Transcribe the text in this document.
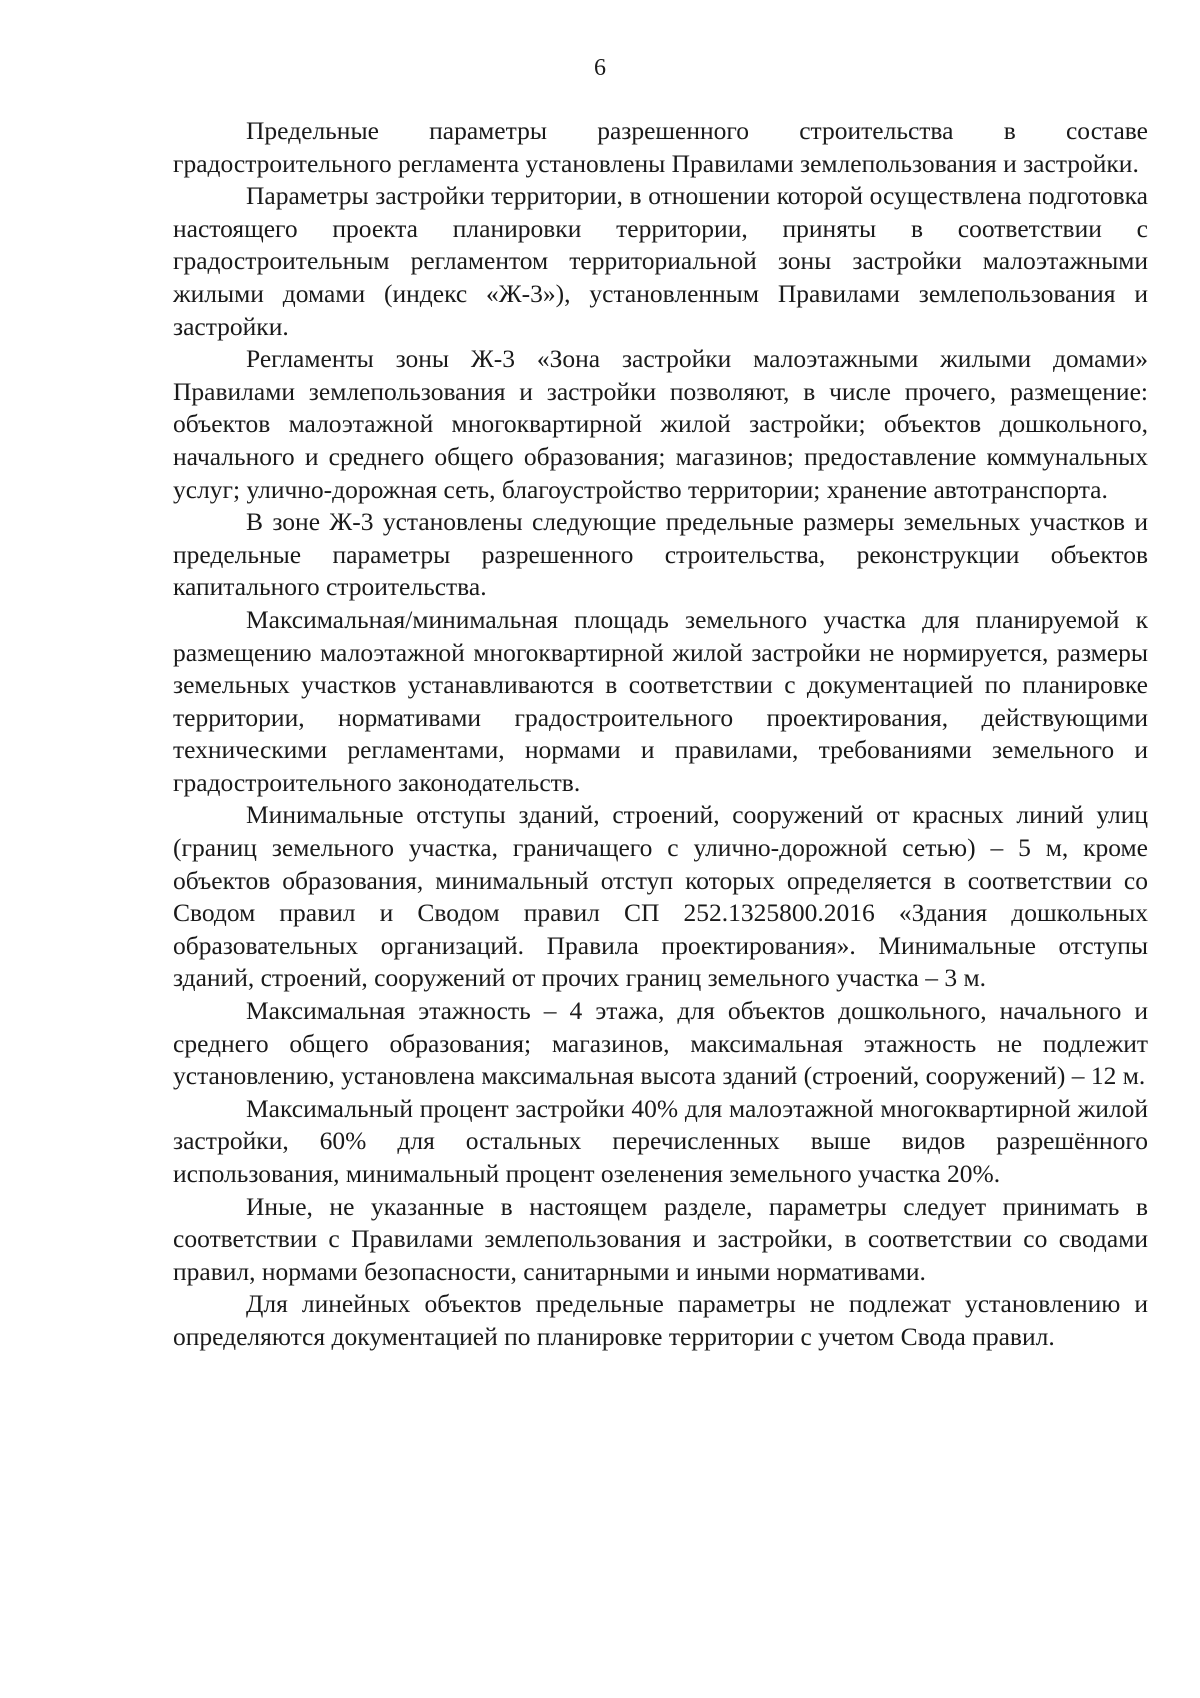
6

Предельные параметры разрешенного строительства в составе градостроительного регламента установлены Правилами землепользования и застройки.

Параметры застройки территории, в отношении которой осуществлена подготовка настоящего проекта планировки территории, приняты в соответствии с градостроительным регламентом территориальной зоны застройки малоэтажными жилыми домами (индекс «Ж-3»), установленным Правилами землепользования и застройки.

Регламенты зоны Ж-3 «Зона застройки малоэтажными жилыми домами» Правилами землепользования и застройки позволяют, в числе прочего, размещение: объектов малоэтажной многоквартирной жилой застройки; объектов дошкольного, начального и среднего общего образования; магазинов; предоставление коммунальных услуг; улично-дорожная сеть, благоустройство территории; хранение автотранспорта.

В зоне Ж-3 установлены следующие предельные размеры земельных участков и предельные параметры разрешенного строительства, реконструкции объектов капитального строительства.

Максимальная/минимальная площадь земельного участка для планируемой к размещению малоэтажной многоквартирной жилой застройки не нормируется, размеры земельных участков устанавливаются в соответствии с документацией по планировке территории, нормативами градостроительного проектирования, действующими техническими регламентами, нормами и правилами, требованиями земельного и градостроительного законодательств.

Минимальные отступы зданий, строений, сооружений от красных линий улиц (границ земельного участка, граничащего с улично-дорожной сетью) – 5 м, кроме объектов образования, минимальный отступ которых определяется в соответствии со Сводом правил и Сводом правил СП 252.1325800.2016 «Здания дошкольных образовательных организаций. Правила проектирования». Минимальные отступы зданий, строений, сооружений от прочих границ земельного участка – 3 м.

Максимальная этажность – 4 этажа, для объектов дошкольного, начального и среднего общего образования; магазинов, максимальная этажность не подлежит установлению, установлена максимальная высота зданий (строений, сооружений) – 12 м.

Максимальный процент застройки 40% для малоэтажной многоквартирной жилой застройки, 60% для остальных перечисленных выше видов разрешённого использования, минимальный процент озеленения земельного участка 20%.

Иные, не указанные в настоящем разделе, параметры следует принимать в соответствии с Правилами землепользования и застройки, в соответствии со сводами правил, нормами безопасности, санитарными и иными нормативами.

Для линейных объектов предельные параметры не подлежат установлению и определяются документацией по планировке территории с учетом Свода правил.
